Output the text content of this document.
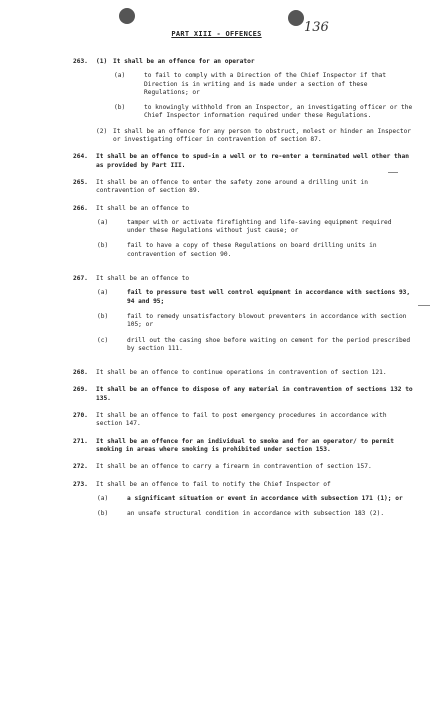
PART XIII - OFFENCES	136
263.	(1) It shall be an offence for an operator
(a)	to fail to comply with a Direction of the Chief Inspector if that Direction is in writing and is made under a section of these Regulations; or
(b)	to knowingly withhold from an Inspector, an investigating officer or the Chief Inspector information required under these Regulations.
(2) It shall be an offence for any person to obstruct, molest or hinder an Inspector or investigating officer in contravention of section 87.
264.	It shall be an offence to spud-in a well or to re-enter a terminated well other than as provided by Part III.
265.	It shall be an offence to enter the safety zone around a drilling unit in contravention of section 89.
266.	It shall be an offence to
(a)	tamper with or activate firefighting and life-saving equipment required under these Regulations without just cause; or
(b)	fail to have a copy of these Regulations on board drilling units in contravention of section 90.
267.	It shall be an offence to
(a)	fail to pressure test well control equipment in accordance with sections 93, 94 and 95;
(b)	fail to remedy unsatisfactory blowout preventers in accordance with section 105; or
(c)	drill out the casing shoe before waiting on cement for the period prescribed by section 111.
268.	It shall be an offence to continue operations in contravention of section 121.
269.	It shall be an offence to dispose of any material in contravention of sections 132 to 135.
270.	It shall be an offence to fail to post emergency procedures in accordance with section 147.
271.	It shall be an offence for an individual to smoke and for an operator/ to permit smoking in areas where smoking is prohibited under section 153.
272.	It shall be an offence to carry a firearm in contravention of section 157.
273.	It shall be an offence to fail to notify the Chief Inspector of
(a)	a significant situation or event in accordance with subsection 171 (1); or
(b)	an unsafe structural condition in accordance with subsection 183 (2).
